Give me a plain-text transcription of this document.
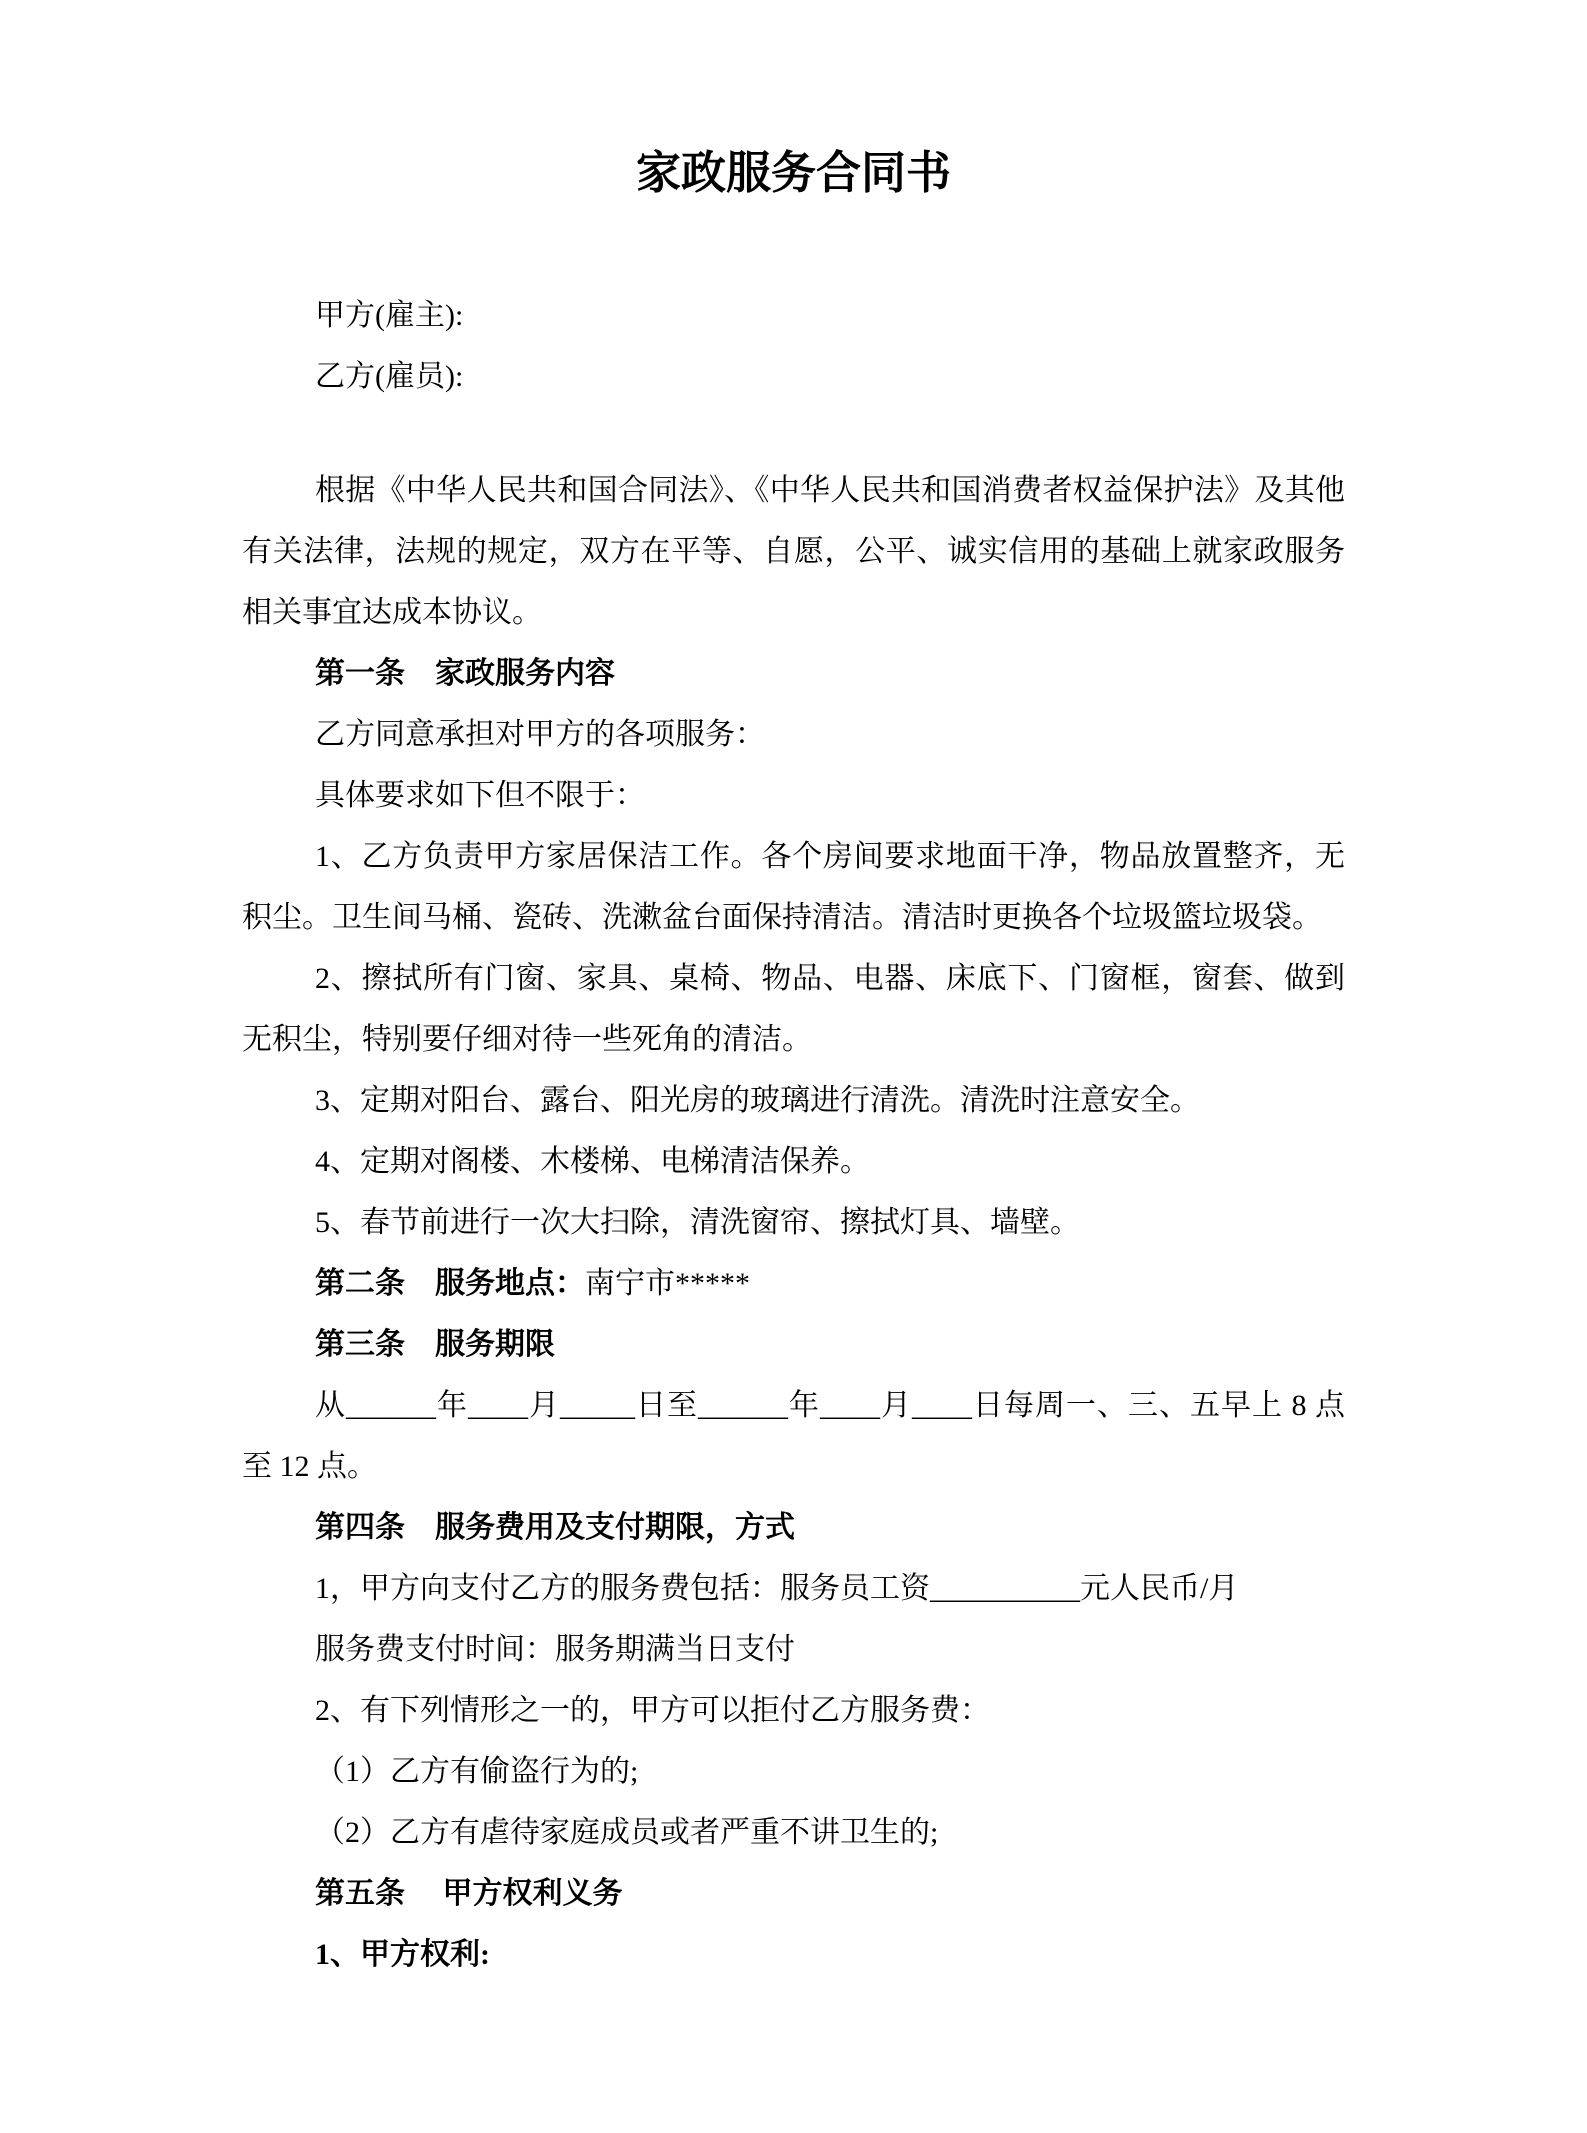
家政服务合同书

甲方(雇主):

乙方(雇员):

根据《中华人民共和国合同法》、《中华人民共和国消费者权益保护法》及其他有关法律，法规的规定，双方在平等、自愿，公平、诚实信用的基础上就家政服务相关事宜达成本协议。

第一条　家政服务内容

乙方同意承担对甲方的各项服务：

具体要求如下但不限于：

1、乙方负责甲方家居保洁工作。各个房间要求地面干净，物品放置整齐，无积尘。卫生间马桶、瓷砖、洗漱盆台面保持清洁。清洁时更换各个垃圾篮垃圾袋。

2、擦拭所有门窗、家具、桌椅、物品、电器、床底下、门窗框，窗套、做到无积尘，特别要仔细对待一些死角的清洁。

3、定期对阳台、露台、阳光房的玻璃进行清洗。清洗时注意安全。

4、定期对阁楼、木楼梯、电梯清洁保养。

5、春节前进行一次大扫除，清洗窗帘、擦拭灯具、墙壁。

第二条　服务地点：南宁市*****

第三条　服务期限

从______年____月_____日至______年____月____日每周一、三、五早上 8 点至 12 点。

第四条　服务费用及支付期限，方式

1，甲方向支付乙方的服务费包括：服务员工资__________元人民币/月

服务费支付时间：服务期满当日支付

2、有下列情形之一的，甲方可以拒付乙方服务费：

（1）乙方有偷盗行为的;

（2）乙方有虐待家庭成员或者严重不讲卫生的;

第五条　 甲方权利义务

1、甲方权利:
